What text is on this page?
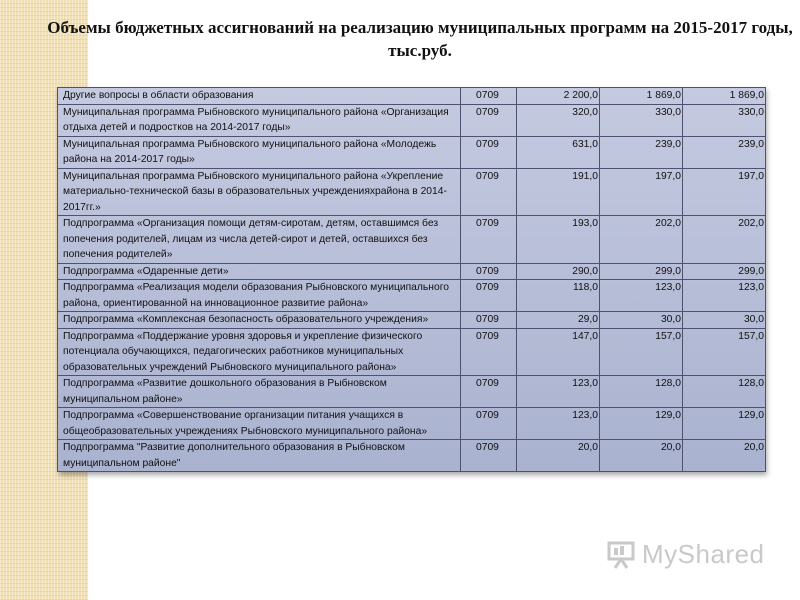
Объемы бюджетных ассигнований на реализацию муниципальных программ на 2015-2017 годы, тыс.руб.
Другие вопросы в области образования	0709	2 200,0	1 869,0	1 869,0
Муниципальная программа Рыбновского муниципального района «Организация отдыха детей и подростков на 2014-2017 годы»	0709	320,0	330,0	330,0
Муниципальная программа Рыбновского муниципального района «Молодежь района на 2014-2017 годы»	0709	631,0	239,0	239,0
Муниципальная программа Рыбновского муниципального района «Укрепление материально-технической базы в образовательных учрежденияхрайона в 2014-2017гг.»	0709	191,0	197,0	197,0
Подпрограмма «Организация помощи детям-сиротам, детям, оставшимся без попечения родителей, лицам из числа детей-сирот и детей, оставшихся без попечения родителей»	0709	193,0	202,0	202,0
Подпрограмма «Одаренные дети»	0709	290,0	299,0	299,0
Подпрограмма «Реализация модели образования Рыбновского муниципального района, ориентированной на инновационное развитие района»	0709	118,0	123,0	123,0
Подпрограмма «Комплексная безопасность образовательного учреждения»	0709	29,0	30,0	30,0
Подпрограмма «Поддержание уровня здоровья и укрепление физического потенциала обучающихся, педагогических работников муниципальных образовательных учреждений Рыбновского муниципального района»	0709	147,0	157,0	157,0
Подпрограмма «Развитие дошкольного образования в Рыбновском муниципальном районе»	0709	123,0	128,0	128,0
Подпрограмма «Совершенствование организации питания учащихся в общеобразовательных учреждениях Рыбновского муниципального района»	0709	123,0	129,0	129,0
Подпрограмма "Развитие дополнительного образования в Рыбновском муниципальном районе"	0709	20,0	20,0	20,0
MyShared
